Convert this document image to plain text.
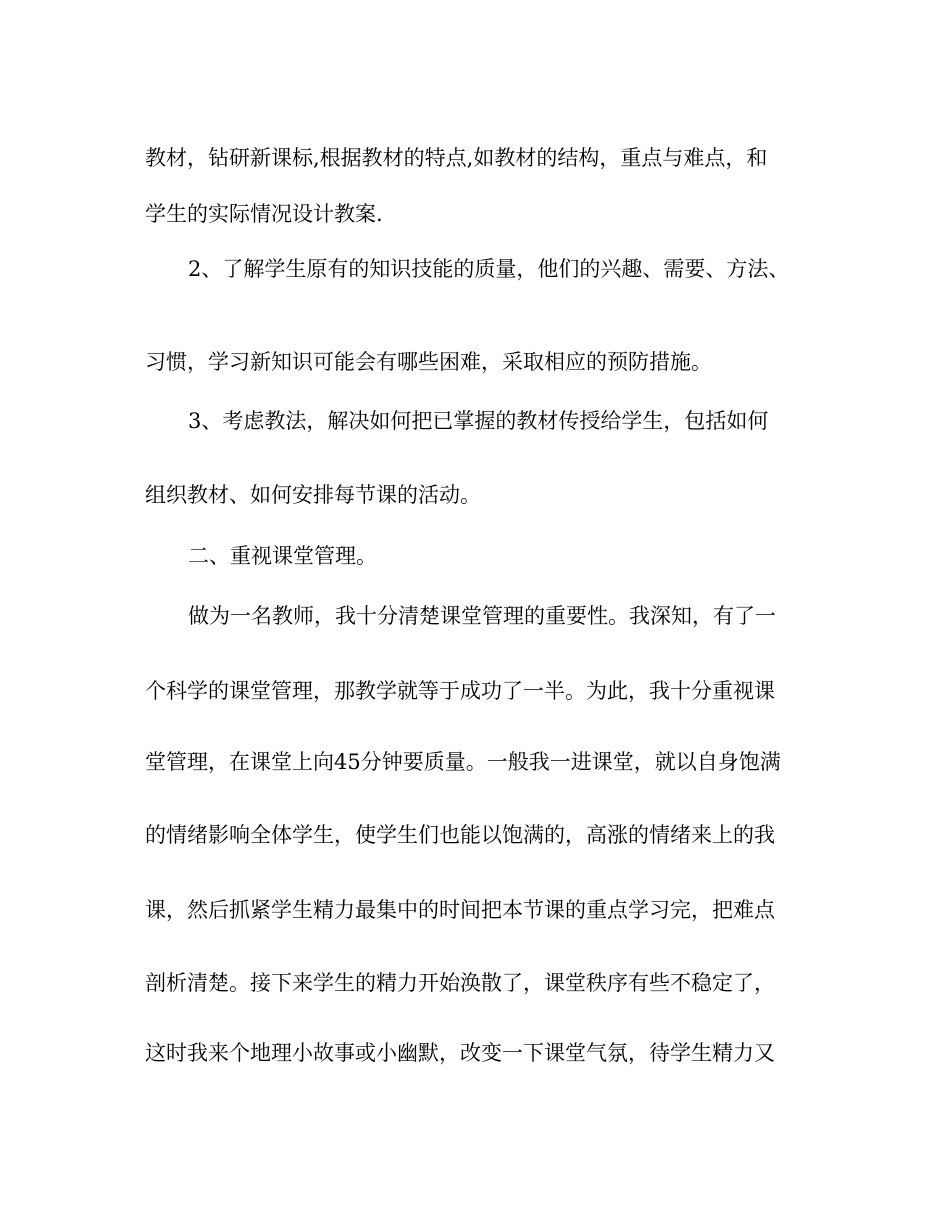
教材，钻研新课标,根据教材的特点,如教材的结构，重点与难点，和
学生的实际情况设计教案.
2、了解学生原有的知识技能的质量，他们的兴趣、需要、方法、
习惯，学习新知识可能会有哪些困难，采取相应的预防措施。
3、考虑教法，解决如何把已掌握的教材传授给学生，包括如何
组织教材、如何安排每节课的活动。
二、重视课堂管理。
做为一名教师，我十分清楚课堂管理的重要性。我深知，有了一
个科学的课堂管理，那教学就等于成功了一半。为此，我十分重视课
堂管理，在课堂上向45分钟要质量。一般我一进课堂，就以自身饱满
的情绪影响全体学生，使学生们也能以饱满的，高涨的情绪来上的我
课，然后抓紧学生精力最集中的时间把本节课的重点学习完，把难点
剖析清楚。接下来学生的精力开始涣散了，课堂秩序有些不稳定了，
这时我来个地理小故事或小幽默，改变一下课堂气氛，待学生精力又
